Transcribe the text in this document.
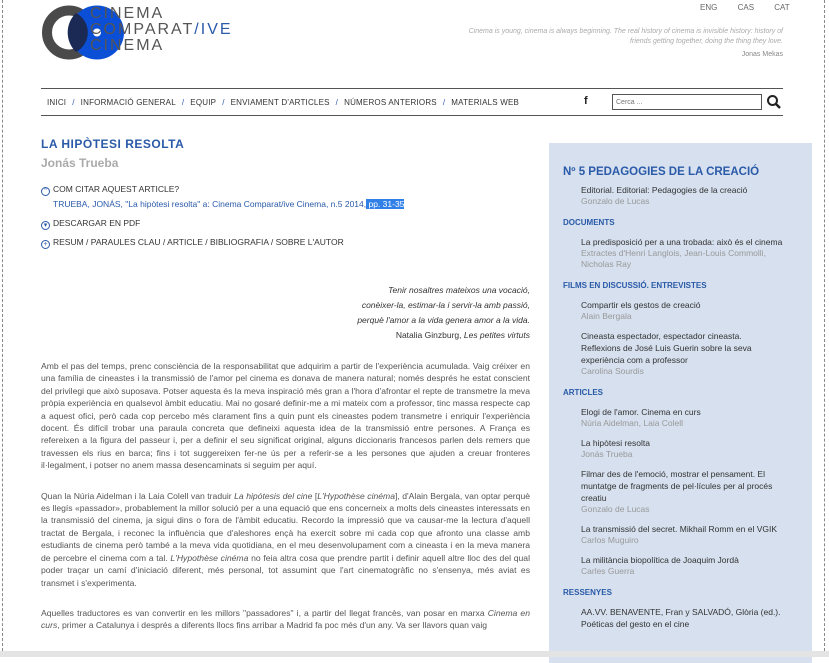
CINEMA
COMPARAT/IVE
CINEMA
ENG	CAS	CAT
Cinema is young, cinema is always beginning. The real history of cinema is invisible history: history of friends getting together, doing the thing they love.
Jonas Mekas
INICI / INFORMACIÓ GENERAL / EQUIP / ENVIAMENT D'ARTICLES / NÚMEROS ANTERIORS / MATERIALS WEB	f
Cerca ...
LA HIPÒTESI RESOLTA
Jonás Trueba
" COM CITAR AQUEST ARTICLE?
TRUEBA, JONÁS, "La hipòtesi resolta" a: Cinema Comparat/ive Cinema, n.5 2014, pp. 31-35
▾ DESCARGAR EN PDF
+ RESUM / PARAULES CLAU / ARTICLE / BIBLIOGRAFIA / SOBRE L'AUTOR
Tenir nosaltres mateixos una vocació,
conèixer-la, estimar-la i servir-la amb passió,
perquè l'amor a la vida genera amor a la vida.
Natalia Ginzburg, Les petites virtuts

Amb el pas del temps, prenc consciència de la responsabilitat que adquirim a partir de l'experiència acumulada. Vaig créixer en una família de cineastes i la transmissió de l'amor pel cinema es donava de manera natural; només després he estat conscient del privilegi que això suposava. Potser aquesta és la meva inspiració més gran a l'hora d'afrontar el repte de transmetre la meva pròpia experiència en qualsevol àmbit educatiu. Mai no gosaré definir-me a mi mateix com a professor, tinc massa respecte cap a aquest ofici, però cada cop percebo més clarament fins a quin punt els cineastes podem transmetre i enriquir l'experiència docent. És difícil trobar una paraula concreta que defineixi aquesta idea de la transmissió entre persones. A França es refereixen a la figura del passeur i, per a definir el seu significat original, alguns diccionaris francesos parlen dels remers que travessen els rius en barca; fins i tot suggereixen fer-ne ús per a referir-se a les persones que ajuden a creuar fronteres il·legalment, i potser no anem massa desencaminats si seguim per aquí.

Quan la Núria Aidelman i la Laia Colell van traduir La hipótesis del cine [L'Hypothèse cinéma], d'Alain Bergala, van optar perquè es llegís «passador», probablement la millor solució per a una equació que ens concerneix a molts dels cineastes interessats en la transmissió del cinema, ja sigui dins o fora de l'àmbit educatiu. Recordo la impressió que va causar-me la lectura d'aquell tractat de Bergala, i reconec la influència que d'aleshores ençà ha exercit sobre mi cada cop que afronto una classe amb estudiants de cinema però també a la meva vida quotidiana, en el meu desenvolupament com a cineasta i en la meva manera de percebre el cinema com a tal. L'Hypothèse cinéma no feia altra cosa que prendre partit i definir aquell altre lloc des del qual poder traçar un camí d'iniciació diferent, més personal, tot assumint que l'art cinematogràfic no s'ensenya, més aviat es transmet i s'experimenta.

Aquelles traductores es van convertir en les millors "passadores" i, a partir del llegat francès, van posar en marxa Cinema en curs, primer a Catalunya i després a diferents llocs fins arribar a Madrid fa poc més d'un any. Va ser llavors quan vaig

Nº 5 PEDAGOGIES DE LA CREACIÓ
Editorial. Editorial: Pedagogies de la creació
Gonzalo de Lucas
DOCUMENTS
La predisposició per a una trobada: això és el cinema
Extractes d'Henri Langlois, Jean-Louis Commolli, Nicholas Ray
FILMS EN DISCUSSIÓ. ENTREVISTES
Compartir els gestos de creació
Alain Bergala
Cineasta espectador, espectador cineasta. Reflexions de José Luis Guerin sobre la seva experiència com a professor
Carolina Sourdis
ARTICLES
Elogi de l'amor. Cinema en curs
Núria Aidelman, Laia Colell
La hipòtesi resolta
Jonás Trueba
Filmar des de l'emoció, mostrar el pensament. El muntatge de fragments de pel·lícules per al procés creatiu
Gonzalo de Lucas
La transmissió del secret. Mikhail Romm en el VGIK
Carlos Muguiro
La militància biopolítica de Joaquim Jordà
Carles Guerra
RESSENYES
AA.VV. BENAVENTE, Fran y SALVADÓ, Glòria (ed.). Poéticas del gesto en el cine
